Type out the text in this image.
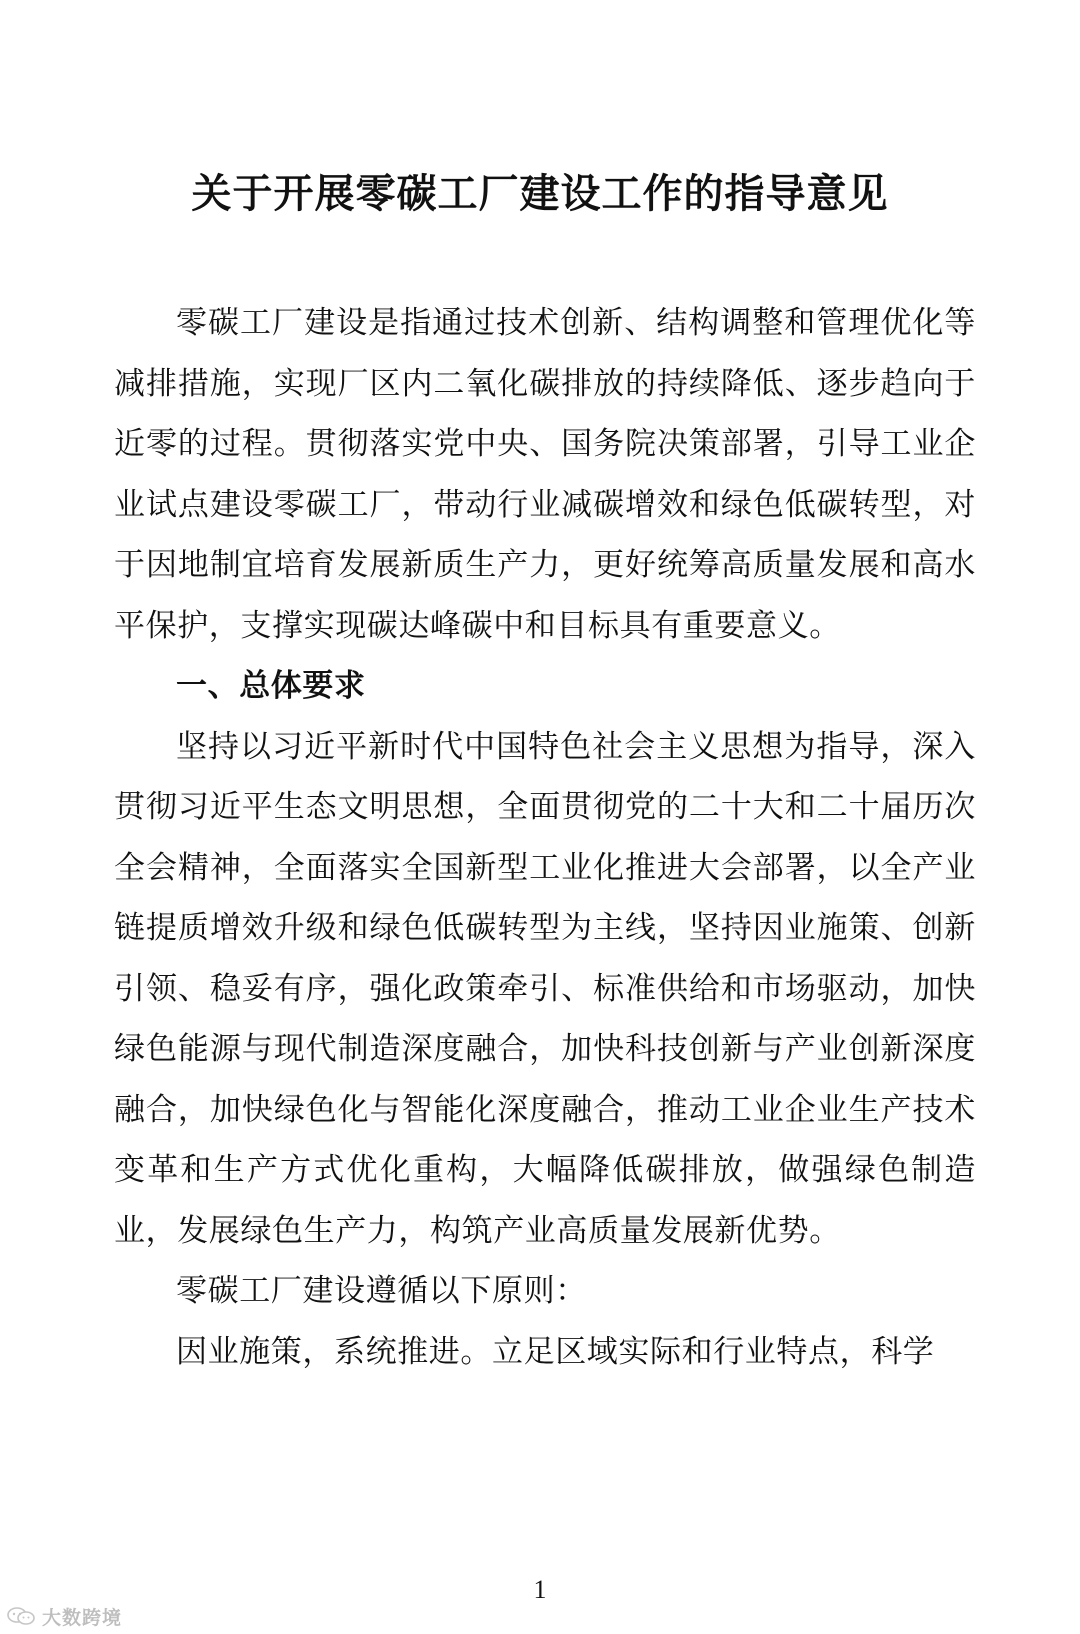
关于开展零碳工厂建设工作的指导意见

零碳工厂建设是指通过技术创新、结构调整和管理优化等减排措施，实现厂区内二氧化碳排放的持续降低、逐步趋向于近零的过程。贯彻落实党中央、国务院决策部署，引导工业企业试点建设零碳工厂，带动行业减碳增效和绿色低碳转型，对于因地制宜培育发展新质生产力，更好统筹高质量发展和高水平保护，支撑实现碳达峰碳中和目标具有重要意义。

一、总体要求

坚持以习近平新时代中国特色社会主义思想为指导，深入贯彻习近平生态文明思想，全面贯彻党的二十大和二十届历次全会精神，全面落实全国新型工业化推进大会部署，以全产业链提质增效升级和绿色低碳转型为主线，坚持因业施策、创新引领、稳妥有序，强化政策牵引、标准供给和市场驱动，加快绿色能源与现代制造深度融合，加快科技创新与产业创新深度融合，加快绿色化与智能化深度融合，推动工业企业生产技术变革和生产方式优化重构，大幅降低碳排放，做强绿色制造业，发展绿色生产力，构筑产业高质量发展新优势。

零碳工厂建设遵循以下原则：

因业施策，系统推进。立足区域实际和行业特点，科学

1
大数跨境
